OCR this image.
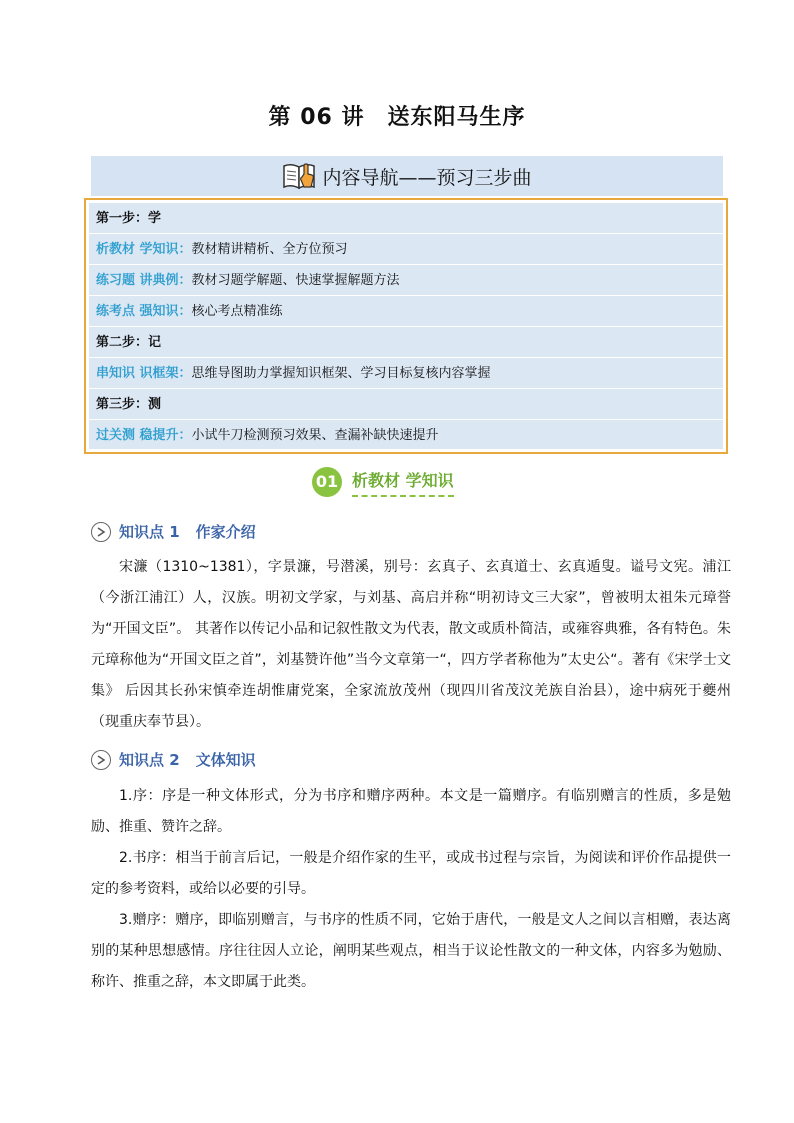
第 06 讲　送东阳马生序
内容导航——预习三步曲
第一步：学
析教材 学知识：教材精讲精析、全方位预习
练习题 讲典例：教材习题学解题、快速掌握解题方法
练考点 强知识：核心考点精准练
第二步：记
串知识 识框架：思维导图助力掌握知识框架、学习目标复核内容掌握
第三步：测
过关测 稳提升：小试牛刀检测预习效果、查漏补缺快速提升
01 析教材 学知识
知识点 1 作家介绍
宋濂（1310~1381），字景濂，号潜溪，别号：玄真子、玄真道士、玄真遁叟。谥号文宪。浦江（今浙江浦江）人，汉族。明初文学家，与刘基、高启并称“明初诗文三大家”，曾被明太祖朱元璋誉为“开国文臣”。 其著作以传记小品和记叙性散文为代表，散文或质朴简洁，或雍容典雅，各有特色。朱元璋称他为“开国文臣之首”，刘基赞许他”当今文章第一“，四方学者称他为”太史公“。著有《宋学士文集》 后因其长孙宋慎牵连胡惟庸党案，全家流放茂州（现四川省茂汶羌族自治县），途中病死于夔州（现重庆奉节县）。
知识点 2 文体知识
1.序：序是一种文体形式，分为书序和赠序两种。本文是一篇赠序。有临别赠言的性质，多是勉励、推重、赞许之辞。
2.书序：相当于前言后记，一般是介绍作家的生平，或成书过程与宗旨，为阅读和评价作品提供一定的参考资料，或给以必要的引导。
3.赠序：赠序，即临别赠言，与书序的性质不同，它始于唐代，一般是文人之间以言相赠，表达离别的某种思想感情。序往往因人立论，阐明某些观点，相当于议论性散文的一种文体，内容多为勉励、称许、推重之辞，本文即属于此类。
